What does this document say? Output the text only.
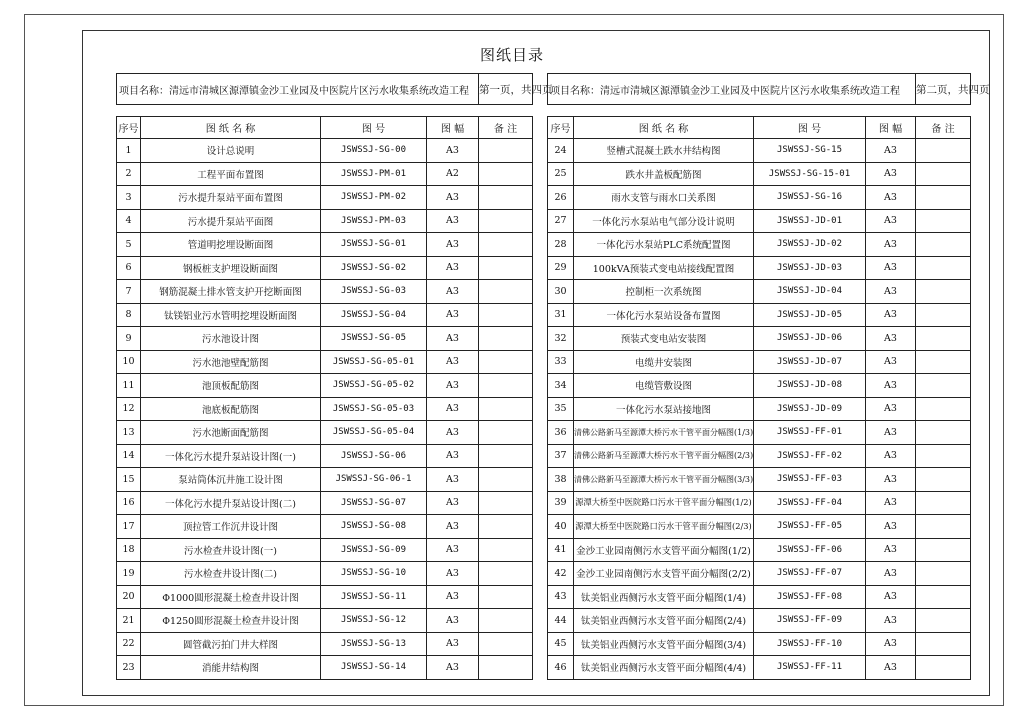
图纸目录
项目名称：清远市清城区源潭镇金沙工业园及中医院片区污水收集系统改造工程				第一页，共四页

序号	图 纸 名 称	图 号	图 幅	备 注
1	设计总说明	JSWSSJ-SG-00	A3	
2	工程平面布置图	JSWSSJ-PM-01	A2	
3	污水提升泵站平面布置图	JSWSSJ-PM-02	A3	
4	污水提升泵站平面图	JSWSSJ-PM-03	A3	
5	管道明挖埋设断面图	JSWSSJ-SG-01	A3	
6	钢板桩支护埋设断面图	JSWSSJ-SG-02	A3	
7	钢筋混凝土排水管支护开挖断面图	JSWSSJ-SG-03	A3	
8	钛镁铝业污水管明挖埋设断面图	JSWSSJ-SG-04	A3	
9	污水池设计图	JSWSSJ-SG-05	A3	
10	污水池池壁配筋图	JSWSSJ-SG-05-01	A3	
11	池顶板配筋图	JSWSSJ-SG-05-02	A3	
12	池底板配筋图	JSWSSJ-SG-05-03	A3	
13	污水池断面配筋图	JSWSSJ-SG-05-04	A3	
14	一体化污水提升泵站设计图(一)	JSWSSJ-SG-06	A3	
15	泵站筒体沉井施工设计图	JSWSSJ-SG-06-1	A3	
16	一体化污水提升泵站设计图(二)	JSWSSJ-SG-07	A3	
17	顶拉管工作沉井设计图	JSWSSJ-SG-08	A3	
18	污水检查井设计图(一)	JSWSSJ-SG-09	A3	
19	污水检查井设计图(二)	JSWSSJ-SG-10	A3	
20	Φ1000圆形混凝土检查井设计图	JSWSSJ-SG-11	A3	
21	Φ1250圆形混凝土检查井设计图	JSWSSJ-SG-12	A3	
22	圆管截污拍门井大样图	JSWSSJ-SG-13	A3	
23	消能井结构图	JSWSSJ-SG-14	A3	
项目名称：清远市清城区源潭镇金沙工业园及中医院片区污水收集系统改造工程				第二页，共四页

序号	图 纸 名 称	图 号	图 幅	备 注
24	竖槽式混凝土跌水井结构图	JSWSSJ-SG-15	A3	
25	跌水井盖板配筋图	JSWSSJ-SG-15-01	A3	
26	雨水支管与雨水口关系图	JSWSSJ-SG-16	A3	
27	一体化污水泵站电气部分设计说明	JSWSSJ-JD-01	A3	
28	一体化污水泵站PLC系统配置图	JSWSSJ-JD-02	A3	
29	100kVA预装式变电站接线配置图	JSWSSJ-JD-03	A3	
30	控制柜一次系统图	JSWSSJ-JD-04	A3	
31	一体化污水泵站设备布置图	JSWSSJ-JD-05	A3	
32	预装式变电站安装图	JSWSSJ-JD-06	A3	
33	电缆井安装图	JSWSSJ-JD-07	A3	
34	电缆管敷设图	JSWSSJ-JD-08	A3	
35	一体化污水泵站接地图	JSWSSJ-JD-09	A3	
36	清佛公路新马至源潭大桥污水干管平面分幅图(1/3)	JSWSSJ-FF-01	A3	
37	清佛公路新马至源潭大桥污水干管平面分幅图(2/3)	JSWSSJ-FF-02	A3	
38	清佛公路新马至源潭大桥污水干管平面分幅图(3/3)	JSWSSJ-FF-03	A3	
39	源潭大桥至中医院路口污水干管平面分幅图(1/2)	JSWSSJ-FF-04	A3	
40	源潭大桥至中医院路口污水干管平面分幅图(2/3)	JSWSSJ-FF-05	A3	
41	金沙工业园南侧污水支管平面分幅图(1/2)	JSWSSJ-FF-06	A3	
42	金沙工业园南侧污水支管平面分幅图(2/2)	JSWSSJ-FF-07	A3	
43	钛美铝业西侧污水支管平面分幅图(1/4)	JSWSSJ-FF-08	A3	
44	钛美铝业西侧污水支管平面分幅图(2/4)	JSWSSJ-FF-09	A3	
45	钛美铝业西侧污水支管平面分幅图(3/4)	JSWSSJ-FF-10	A3	
46	钛美铝业西侧污水支管平面分幅图(4/4)	JSWSSJ-FF-11	A3	
